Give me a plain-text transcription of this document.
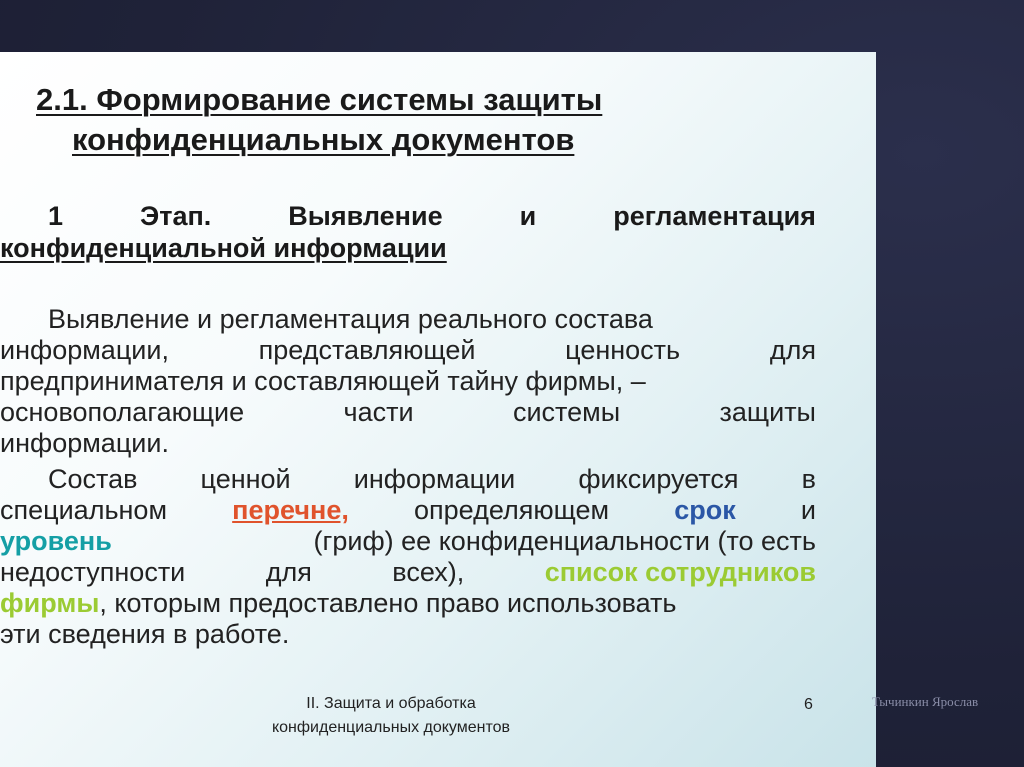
2.1. Формирование системы защиты
конфиденциальных документов
1	Этап.	Выявление	и	регламентация
конфиденциальной информации
Выявление и регламентация реального состава
информации,	представляющей	ценность	для
предпринимателя и составляющей тайну фирмы, –
основополагающие	части	системы	защиты
информации.
Состав ценной информации фиксируется в
специальном перечне, определяющем срок и
уровень	(гриф) ее конфиденциальности (то есть
недоступности	для	всех),	список сотрудников
фирмы, которым предоставлено право использовать
эти сведения в работе.
II. Защита и обработка
конфиденциальных документов
6	Тычинкин Ярослав
